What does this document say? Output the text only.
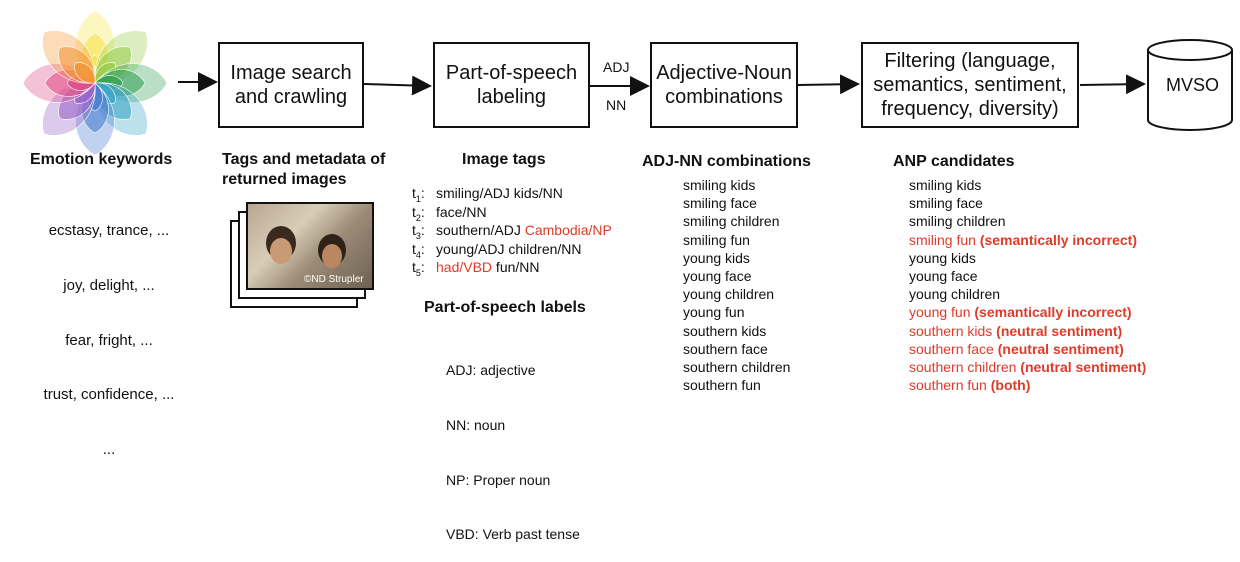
Image search
and crawling
Part-of-speech
labeling
Adjective-Noun
combinations
Filtering (language,
semantics, sentiment,
frequency, diversity)
ADJ
NN
MVSO
Emotion keywords

ecstasy, trance, ...

joy, delight, ...

fear, fright, ...

trust, confidence, ...

...

Tags and metadata of
returned images
©ND Strupler
Image tags
$t_1$: smiling/ADJ kids/NN
$t_2$: face/NN
$t_3$: southern/ADJ Cambodia/NP
$t_4$: young/ADJ children/NN
$t_5$: had/VBD fun/NN
Part-of-speech labels

ADJ: adjective

NN: noun

NP: Proper noun

VBD: Verb past tense

ADJ-NN combinations
smiling kids
smiling face
smiling children
smiling fun
young kids
young face
young children
young fun
southern kids
southern face
southern children
southern fun
ANP candidates
smiling kids
smiling face
smiling children
smiling fun (semantically incorrect)
young kids
young face
young children
young fun (semantically incorrect)
southern kids (neutral sentiment)
southern face (neutral sentiment)
southern children (neutral sentiment)
southern fun (both)
